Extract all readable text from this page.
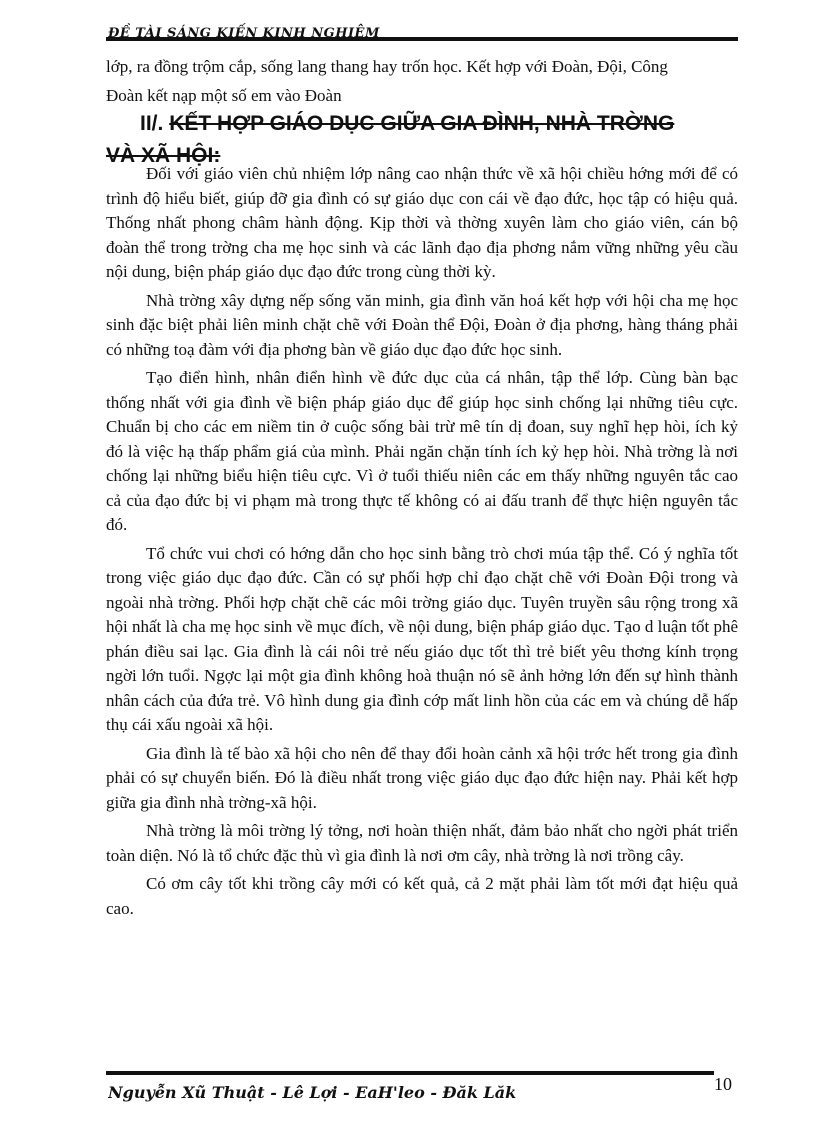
ĐỀ TÀI SÁNG KIẾN KINH NGHIỆM

lớp, ra đồng trộm cắp, sống lang thang hay trốn học. Kết hợp với Đoàn, Đội, Công

Đoàn kết nạp một số em vào Đoàn

II/. KẾT HỢP GIÁO DỤC GIỮA GIA ĐÌNH, NHÀ TRỜNG
VÀ XÃ HỘI:

Đối với giáo viên chủ nhiệm lớp nâng cao nhận thức về xã hội chiều hớng mới để có trình độ hiểu biết, giúp đỡ gia đình có sự giáo dục con cái về đạo đức, học tập có hiệu quả. Thống nhất phong châm hành động. Kịp thời và thờng xuyên làm cho giáo viên, cán bộ đoàn thể trong trờng cha mẹ học sinh và các lãnh đạo địa phơng nắm vững những yêu cầu nội dung, biện pháp giáo dục đạo đức trong cùng thời kỳ.

Nhà trờng xây dựng nếp sống văn minh, gia đình văn hoá kết hợp với hội cha mẹ học sinh đặc biệt phải liên minh chặt chẽ với Đoàn thể Đội, Đoàn ở địa phơng, hàng tháng phải có những toạ đàm với địa phơng bàn về giáo dục đạo đức học sinh.

Tạo điển hình, nhân điển hình về đức dục của cá nhân, tập thể lớp. Cùng bàn bạc thống nhất với gia đình về biện pháp giáo dục để giúp học sinh chống lại những tiêu cực. Chuẩn bị cho các em niềm tin ở cuộc sống bài trừ mê tín dị đoan, suy nghĩ hẹp hòi, ích kỷ đó là việc hạ thấp phẩm giá của mình. Phải ngăn chặn tính ích kỷ hẹp hòi. Nhà trờng là nơi chống lại những biểu hiện tiêu cực. Vì ở tuổi thiếu niên các em thấy những nguyên tắc cao cả của đạo đức bị vi phạm mà trong thực tế không có ai đấu tranh để thực hiện nguyên tắc đó.

Tổ chức vui chơi có hớng dẫn cho học sinh bằng trò chơi múa tập thể. Có ý nghĩa tốt trong việc giáo dục đạo đức. Cần có sự phối hợp chỉ đạo chặt chẽ với Đoàn Đội trong và ngoài nhà trờng. Phối hợp chặt chẽ các môi trờng giáo dục. Tuyên truyền sâu rộng trong xã hội nhất là cha mẹ học sinh về mục đích, về nội dung, biện pháp giáo dục. Tạo d luận tốt phê phán điều sai lạc. Gia đình là cái nôi trẻ nếu giáo dục tốt thì trẻ biết yêu thơng kính trọng ngời lớn tuổi. Ngợc lại một gia đình không hoà thuận nó sẽ ảnh hởng lớn đến sự hình thành nhân cách của đứa trẻ. Vô hình dung gia đình cớp mất linh hồn của các em và chúng dễ hấp thụ cái xấu ngoài xã hội.

Gia đình là tế bào xã hội cho nên để thay đổi hoàn cảnh xã hội trớc hết trong gia đình phải có sự chuyển biến. Đó là điều nhất trong việc giáo dục đạo đức hiện nay. Phải kết hợp giữa gia đình nhà trờng-xã hội.

Nhà trờng là môi trờng lý tởng, nơi hoàn thiện nhất, đảm bảo nhất cho ngời phát triển toàn diện. Nó là tổ chức đặc thù vì gia đình là nơi ơm cây, nhà trờng là nơi trồng cây.

Có ơm cây tốt khi trồng cây mới có kết quả, cả 2 mặt phải làm tốt mới đạt hiệu quả cao.

Nguyễn Xũ Thuật - Lê Lợi - EaH'leo - Đăk Lăk	10
